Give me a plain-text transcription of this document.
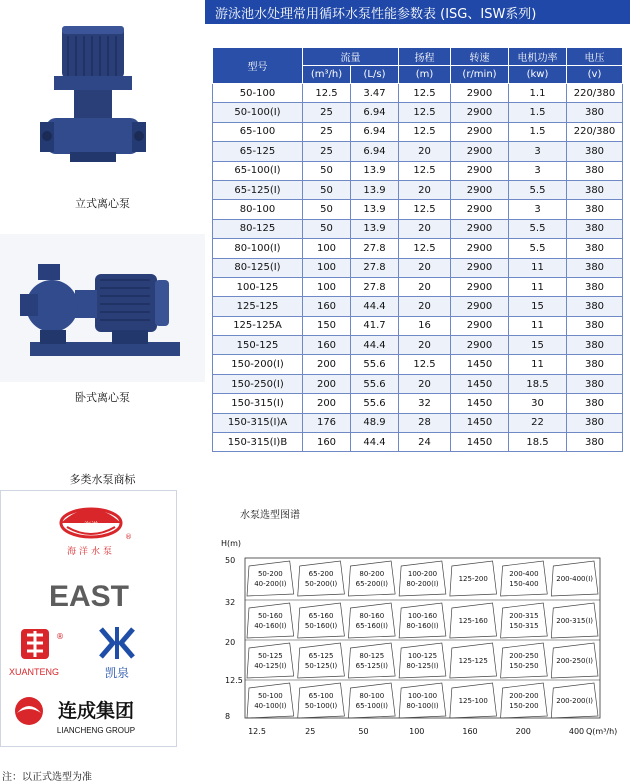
立式离心泵
卧式离心泵
多类水泵商标
海洋
®
海洋水泵
EAST
®
XUANTENG	凯泉
连成集团
LIANCHENG GROUP
游泳池水处理常用循环水泵性能参数表 (ISG、ISW系列)
型号	流量		扬程	转速	电机功率	电压
	(m³/h)	(L/s)	(m)	(r/min)	(kw)	(v)
50-100	12.5	3.47	12.5	2900	1.1	220/380
50-100(I)	25	6.94	12.5	2900	1.5	380
65-100	25	6.94	12.5	2900	1.5	220/380
65-125	25	6.94	20	2900	3	380
65-100(I)	50	13.9	12.5	2900	3	380
65-125(I)	50	13.9	20	2900	5.5	380
80-100	50	13.9	12.5	2900	3	380
80-125	50	13.9	20	2900	5.5	380
80-100(I)	100	27.8	12.5	2900	5.5	380
80-125(I)	100	27.8	20	2900	11	380
100-125	100	27.8	20	2900	11	380
125-125	160	44.4	20	2900	15	380
125-125A	150	41.7	16	2900	11	380
150-125	160	44.4	20	2900	15	380
150-200(I)	200	55.6	12.5	1450	11	380
150-250(I)	200	55.6	20	1450	18.5	380
150-315(I)	200	55.6	32	1450	30	380
150-315(I)A	176	48.9	28	1450	22	380
150-315(I)B	160	44.4	24	1450	18.5	380
水泵选型图谱
50-200
40-200(I)
65-200
50-200(I)
80-200
65-200(I)
100-200
80-200(I)
125-200
200-400
150-400
200-400(I)
50-160
40-160(I)
65-160
50-160(I)
80-160
65-160(I)
100-160
80-160(I)
125-160
200-315
150-315
200-315(I)
50-125
40-125(I)
65-125
50-125(I)
80-125
65-125(I)
100-125
80-125(I)
125-125
200-250
150-250
200-250(I)
50-100
40-100(I)
65-100
50-100(I)
80-100
65-100(I)
100-100
80-100(I)
125-100
200-200
150-200
200-200(I)
H(m)
50
32
20
12.5
8
12.5	25	50	100	160	200	400 Q(m³/h)
注：以正式选型为准
